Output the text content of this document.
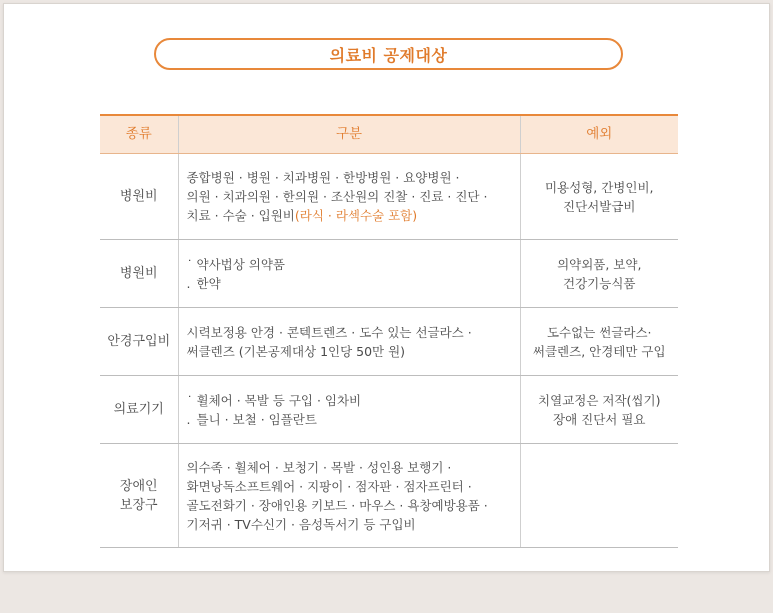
의료비 공제대상
종류	구분	예외
병원비	종합병원 · 병원 · 치과병원 · 한방병원 · 요양병원 ·
의원 · 치과의원 · 한의원 · 조산원의 진찰 · 진료 · 진단 ·
치료 · 수술 · 입원비(라식 · 라섹수술 포함)	미용성형, 간병인비,
진단서발급비

병원비	˙ 약사법상 의약품
. 한약	의약외품, 보약,
건강기능식품

안경구입비	시력보정용 안경 · 콘텍트렌즈 · 도수 있는 선글라스 ·
써클렌즈 (기본공제대상 1인당 50만 원)	도수없는 썬글라스·
써클렌즈, 안경테만 구입

의료기기	˙ 휠체어 · 목발 등 구입 · 임차비
. 틀니 · 보철 · 임플란트	치열교정은 저작(씹기)
장애 진단서 필요

장애인
보장구	의수족 · 휠체어 · 보청기 · 목발 · 성인용 보행기 ·
화면낭독소프트웨어 · 지팡이 · 점자판 · 점자프린터 ·
골도전화기 · 장애인용 키보드 · 마우스 · 욕창예방용품 ·
기저귀 · TV수신기 · 음성독서기 등 구입비	
